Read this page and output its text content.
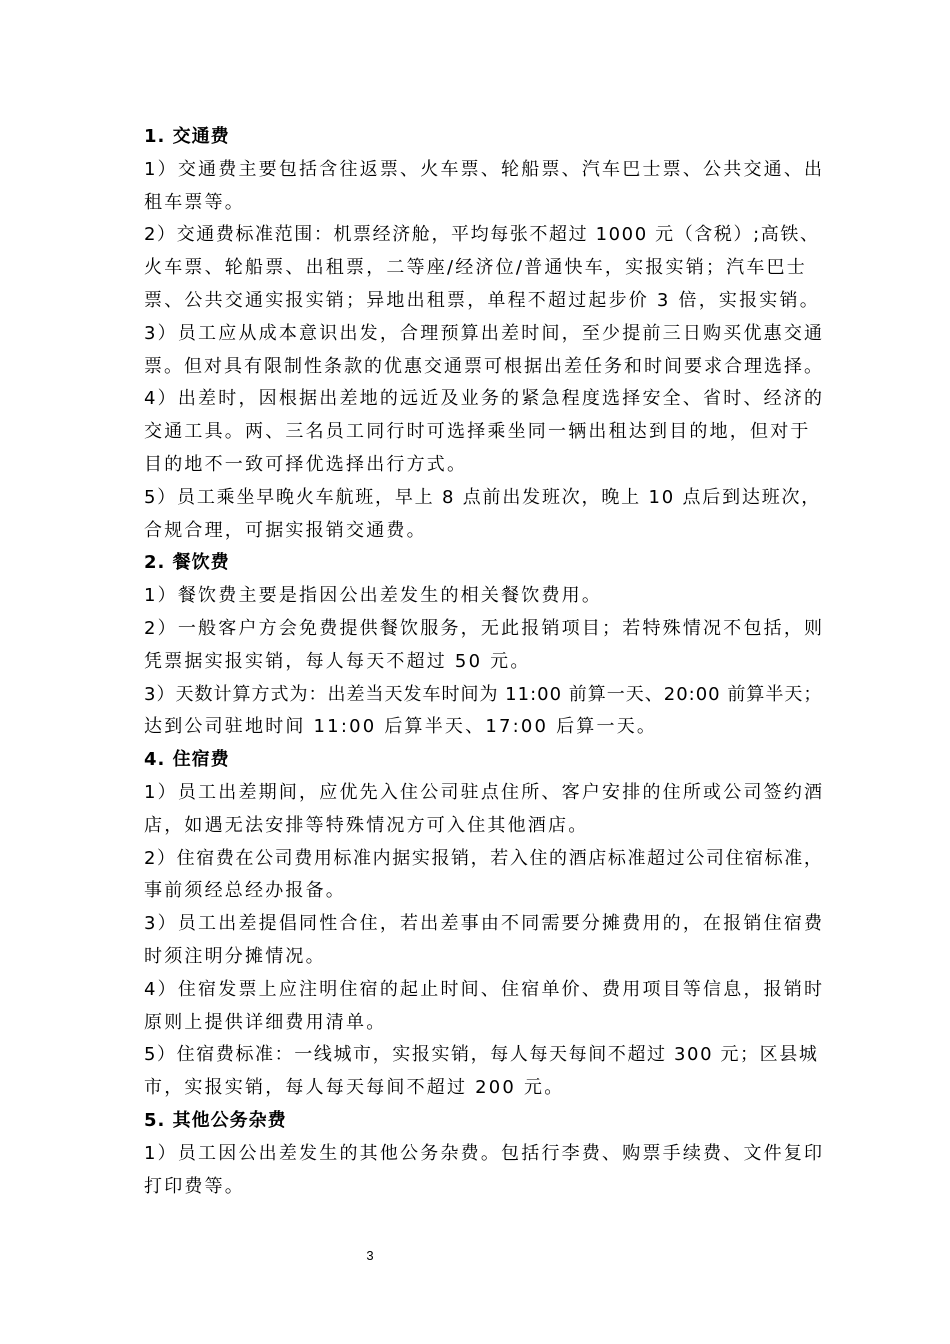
1. 交通费
1）交通费主要包括含往返票、火车票、轮船票、汽车巴士票、公共交通、出
租车票等。
2）交通费标准范围：机票经济舱，平均每张不超过 1000 元（含税）;高铁、
火车票、轮船票、出租票，二等座/经济位/普通快车，实报实销；汽车巴士
票、公共交通实报实销；异地出租票，单程不超过起步价 3 倍，实报实销。
3）员工应从成本意识出发，合理预算出差时间，至少提前三日购买优惠交通
票。但对具有限制性条款的优惠交通票可根据出差任务和时间要求合理选择。
4）出差时，因根据出差地的远近及业务的紧急程度选择安全、省时、经济的
交通工具。两、三名员工同行时可选择乘坐同一辆出租达到目的地，但对于
目的地不一致可择优选择出行方式。
5）员工乘坐早晚火车航班，早上 8 点前出发班次，晚上 10 点后到达班次，
合规合理，可据实报销交通费。
2. 餐饮费
1）餐饮费主要是指因公出差发生的相关餐饮费用。
2）一般客户方会免费提供餐饮服务，无此报销项目；若特殊情况不包括，则
凭票据实报实销，每人每天不超过 50 元。
3）天数计算方式为：出差当天发车时间为 11:00 前算一天、20:00 前算半天；
达到公司驻地时间 11:00 后算半天、17:00 后算一天。
4. 住宿费
1）员工出差期间，应优先入住公司驻点住所、客户安排的住所或公司签约酒
店，如遇无法安排等特殊情况方可入住其他酒店。
2）住宿费在公司费用标准内据实报销，若入住的酒店标准超过公司住宿标准，
事前须经总经办报备。
3）员工出差提倡同性合住，若出差事由不同需要分摊费用的，在报销住宿费
时须注明分摊情况。
4）住宿发票上应注明住宿的起止时间、住宿单价、费用项目等信息，报销时
原则上提供详细费用清单。
5）住宿费标准：一线城市，实报实销，每人每天每间不超过 300 元；区县城
市，实报实销，每人每天每间不超过 200 元。
5. 其他公务杂费
1）员工因公出差发生的其他公务杂费。包括行李费、购票手续费、文件复印
打印费等。
3
